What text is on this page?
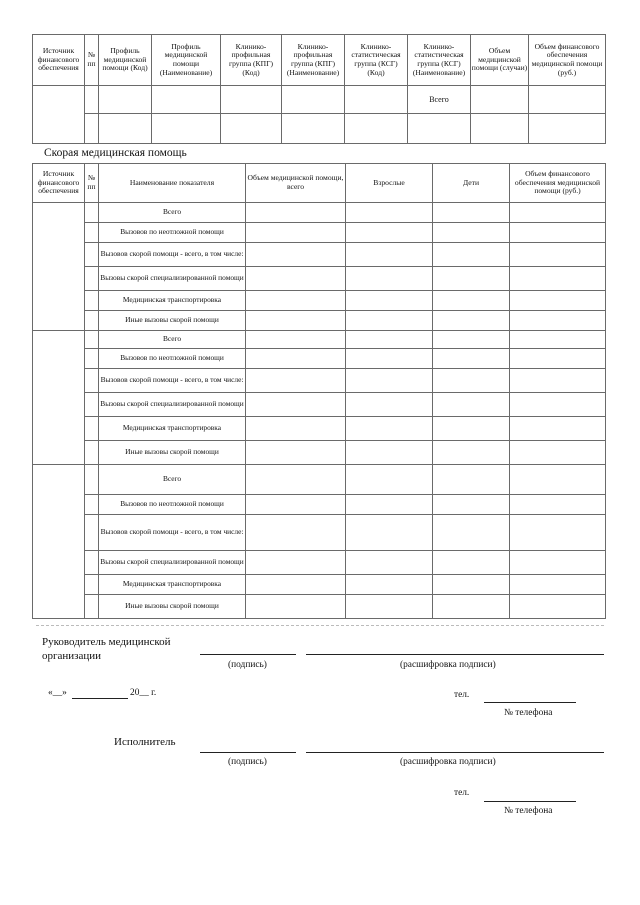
Источник финансового обеспечения	№ пп	Профиль медицинской помощи (Код)	Профиль медицинской помощи (Наименование)	Клинико-профильная группа (КПГ) (Код)	Клинико-профильная группа (КПГ) (Наименование)	Клинико-статистическая группа (КСГ) (Код)	Клинико-статистическая группа (КСГ) (Наименование)	Объем медицинской помощи (случаи)	Объем финансового обеспечения медицинской помощи (руб.)
							Всего		

Скорая медицинская помощь
Источник финансового обеспечения	№ пп	Наименование показателя	Объем медицинской помощи, всего	Взрослые	Дети	Объем финансового обеспечения медицинской помощи (руб.)
		Всего				
		Вызовов по неотложной помощи				
		Вызовов скорой помощи - всего, в том числе:				
		Вызовы скорой специализированной помощи				
		Медицинская транспортировка				
		Иные вызовы скорой помощи				
		Всего				
		Вызовов по неотложной помощи				
		Вызовов скорой помощи - всего, в том числе:				
		Вызовы скорой специализированной помощи				
		Медицинская транспортировка				
		Иные вызовы скорой помощи				
		Всего				
		Вызовов по неотложной помощи				
		Вызовов скорой помощи - всего, в том числе:				
		Вызовы скорой специализированной помощи				
		Медицинская транспортировка				
		Иные вызовы скорой помощи				
Руководитель медицинской
организации
(подпись)	(расшифровка подписи)
«__»	20__ г.	тел.
№ телефона
Исполнитель
(подпись)	(расшифровка подписи)
тел.
№ телефона
